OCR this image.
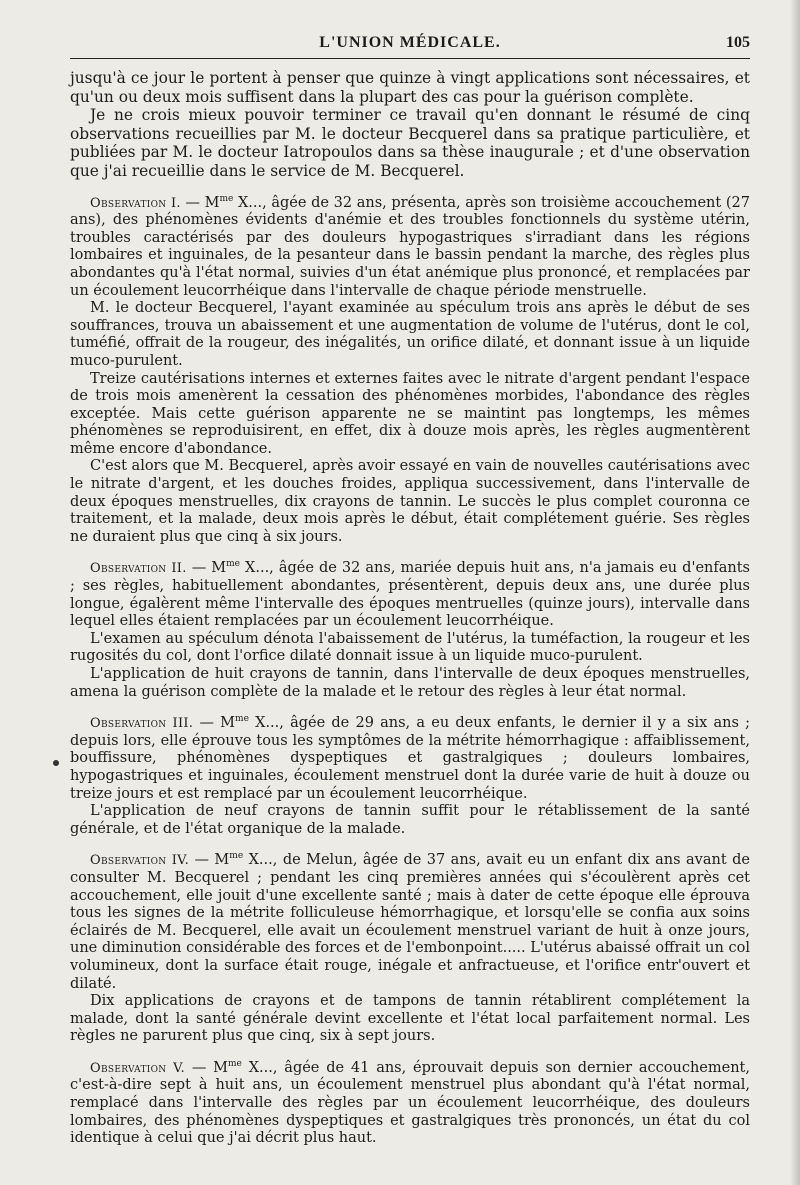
L'UNION MÉDICALE.	105

jusqu'à ce jour le portent à penser que quinze à vingt applications sont nécessaires, et qu'un ou deux mois suffisent dans la plupart des cas pour la guérison complète.

Je ne crois mieux pouvoir terminer ce travail qu'en donnant le résumé de cinq observations recueillies par M. le docteur Becquerel dans sa pratique particulière, et publiées par M. le docteur Iatropoulos dans sa thèse inaugurale ; et d'une observation que j'ai recueillie dans le service de M. Becquerel.

Observation I. — $M^{me}$ X..., âgée de 32 ans, présenta, après son troisième accouchement (27 ans), des phénomènes évidents d'anémie et des troubles fonctionnels du système utérin, troubles caractérisés par des douleurs hypogastriques s'irradiant dans les régions lombaires et inguinales, de la pesanteur dans le bassin pendant la marche, des règles plus abondantes qu'à l'état normal, suivies d'un état anémique plus prononcé, et remplacées par un écoulement leucorrhéique dans l'intervalle de chaque période menstruelle.

M. le docteur Becquerel, l'ayant examinée au spéculum trois ans après le début de ses souffrances, trouva un abaissement et une augmentation de volume de l'utérus, dont le col, tuméfié, offrait de la rougeur, des inégalités, un orifice dilaté, et donnant issue à un liquide muco-purulent.

Treize cautérisations internes et externes faites avec le nitrate d'argent pendant l'espace de trois mois amenèrent la cessation des phénomènes morbides, l'abondance des règles exceptée. Mais cette guérison apparente ne se maintint pas longtemps, les mêmes phénomènes se reproduisirent, en effet, dix à douze mois après, les règles augmentèrent même encore d'abondance.

C'est alors que M. Becquerel, après avoir essayé en vain de nouvelles cautérisations avec le nitrate d'argent, et les douches froides, appliqua successivement, dans l'intervalle de deux époques menstruelles, dix crayons de tannin. Le succès le plus complet couronna ce traitement, et la malade, deux mois après le début, était complétement guérie. Ses règles ne duraient plus que cinq à six jours.

Observation II. — $M^{me}$ X..., âgée de 32 ans, mariée depuis huit ans, n'a jamais eu d'enfants ; ses règles, habituellement abondantes, présentèrent, depuis deux ans, une durée plus longue, égalèrent même l'intervalle des époques mentruelles (quinze jours), intervalle dans lequel elles étaient remplacées par un écoulement leucorrhéique.

L'examen au spéculum dénota l'abaissement de l'utérus, la tuméfaction, la rougeur et les rugosités du col, dont l'orfice dilaté donnait issue à un liquide muco-purulent.

L'application de huit crayons de tannin, dans l'intervalle de deux époques menstruelles, amena la guérison complète de la malade et le retour des règles à leur état normal.

Observation III. — $M^{me}$ X..., âgée de 29 ans, a eu deux enfants, le dernier il y a six ans ; depuis lors, elle éprouve tous les symptômes de la métrite hémorrhagique : affaiblissement, bouffissure, phénomènes dyspeptiques et gastralgiques ; douleurs lombaires, hypogastriques et inguinales, écoulement menstruel dont la durée varie de huit à douze ou treize jours et est remplacé par un écoulement leucorrhéique.

L'application de neuf crayons de tannin suffit pour le rétablissement de la santé générale, et de l'état organique de la malade.

Observation IV. — $M^{me}$ X..., de Melun, âgée de 37 ans, avait eu un enfant dix ans avant de consulter M. Becquerel ; pendant les cinq premières années qui s'écoulèrent après cet accouchement, elle jouit d'une excellente santé ; mais à dater de cette époque elle éprouva tous les signes de la métrite folliculeuse hémorrhagique, et lorsqu'elle se confia aux soins éclairés de M. Becquerel, elle avait un écoulement menstruel variant de huit à onze jours, une diminution considérable des forces et de l'embonpoint..... L'utérus abaissé offrait un col volumineux, dont la surface était rouge, inégale et anfractueuse, et l'orifice entr'ouvert et dilaté.

Dix applications de crayons et de tampons de tannin rétablirent complétement la malade, dont la santé générale devint excellente et l'état local parfaitement normal. Les règles ne parurent plus que cinq, six à sept jours.

Observation V. — $M^{me}$ X..., âgée de 41 ans, éprouvait depuis son dernier accouchement, c'est-à-dire sept à huit ans, un écoulement menstruel plus abondant qu'à l'état normal, remplacé dans l'intervalle des règles par un écoulement leucorrhéique, des douleurs lombaires, des phénomènes dyspeptiques et gastralgiques très prononcés, un état du col identique à celui que j'ai décrit plus haut.
